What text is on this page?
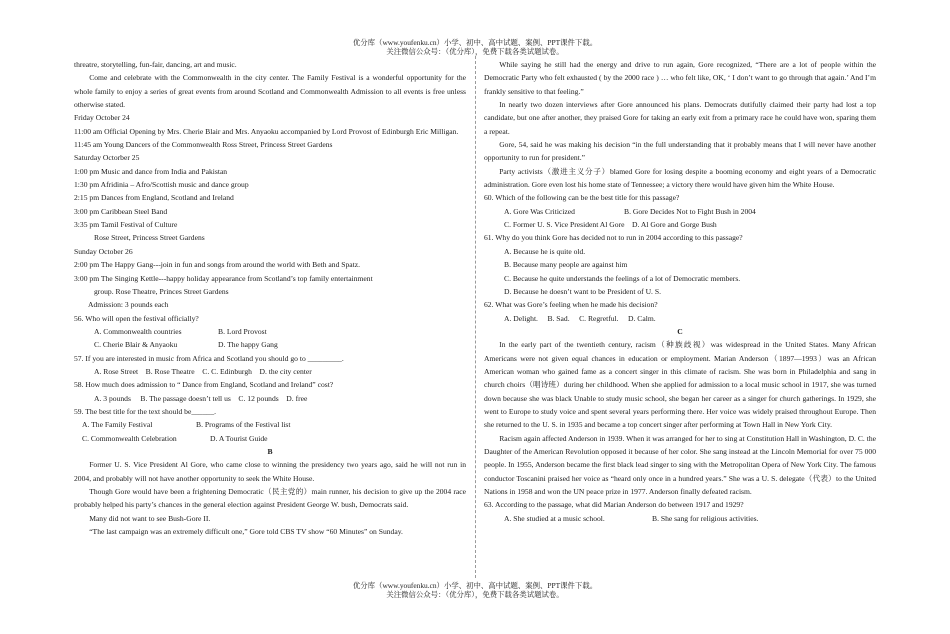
优分库（www.youfenku.cn）小学、初中、高中试题、案例、PPT课件下载。
关注微信公众号：（优分库），免费下载各类试题试卷。

threatre, storytelling, fun-fair, dancing, art and music.

Come and celebrate with the Commonwealth in the city center. The Family Festival is a wonderful opportunity for the whole family to enjoy a series of great events from around Scotland and Commonwealth Admission to all events is free unless otherwise stated.

Friday October 24

11:00 am Official Opening by Mrs. Cherie Blair and Mrs. Anyaoku accompanied by Lord Provost of Edinburgh Eric Milligan.

11:45 am Young Dancers of the Commonwealth Ross Street, Princess Street Gardens

Saturday Octorber 25

1:00 pm Music and dance from India and Pakistan

1:30 pm Afridinia – Afro/Scottish music and dance group

2:15 pm Dances from England, Scotland and Ireland

3:00 pm Caribbean Steel Band

3:35 pm Tamil Festival of Culture

Rose Street, Princess Street Gardens

Sunday October 26

2:00 pm The Happy Gang---join in fun and songs from around the world with Beth and Spatz.

3:00 pm The Singing Kettle---happy holiday appearance from Scotland’s top family entertainment

group. Rose Theatre, Princes Street Gardens

Admission: 3 pounds each

56. Who will open the festival officially?

A. Commonwealth countries	B. Lord Provost

C. Cherie Blair & Anyaoku	D. The happy Gang

57. If you are interested in music from Africa and Scotland you should go to _________.

A. Rose Street    B. Rose Theatre    C. C. Edinburgh    D. the city center

58. How much does admission to “ Dance from England, Scotland and Ireland” cost?

A. 3 pounds     B. The passage doesn’t tell us    C. 12 pounds    D. free

59. The best title for the text should be______.

A. The Family Festival	B. Programs of the Festival list

C. Commonwealth Celebration	D. A Tourist Guide

B

Former U. S. Vice President Al Gore, who came close to winning the presidency two years ago, said he will not run in 2004, and probably will not have another opportunity to seek the White House.

Though Gore would have been a frightening Democratic（民主党的）main runner, his decision to give up the 2004 race probably helped his party’s chances in the general election against President George W. bush, Democrats said.

Many did not want to see Bush-Gore II.

“The last campaign was an extremely difficult one,” Gore told CBS TV show “60 Minutes” on Sunday.

While saying he still had the energy and drive to run again, Gore recognized, “There are a lot of people within the Democratic Party who felt exhausted ( by the 2000 race ) … who felt like, OK, ‘ I don’t want to go through that again.’ And I’m frankly sensitive to that feeling.”

In nearly two dozen interviews after Gore announced his plans. Democrats dutifully claimed their party had lost a top candidate, but one after another, they praised Gore for taking an early exit from a primary race he could have won, sparing them a repeat.

Gore, 54, said he was making his decision “in the full understanding that it probably means that I will never have another opportunity to run for president.”

Party activists（激进主义分子）blamed Gore for losing despite a booming economy and eight years of a Democratic administration. Gore even lost his home state of Tennessee; a victory there would have given him the White House.

60. Which of the following can be the best title for this passage?

A. Gore Was Criticized	B. Gore Decides Not to Fight Bush in 2004

C. Former U. S. Vice President Al Gore    D. Al Gore and Gorge Bush

61. Why do you think Gore has decided not to run in 2004 according to this passage?

A. Because he is quite old.

B. Because many people are against him

C. Because he quite understands the feelings of a lot of Democratic members.

D. Because he doesn’t want to be President of U. S.

62. What was Gore’s feeling when he made his decision?

A. Delight.     B. Sad.     C. Regretful.     D. Calm.

C

In the early part of the twentieth century, racism（种族歧视）was widespread in the United States. Many African Americans were not given equal chances in education or employment. Marian Anderson（1897—1993）was an African American woman who gained fame as a concert singer in this climate of racism. She was born in Philadelphia and sang in church choirs（唱诗班）during her childhood. When she applied for admission to a local music school in 1917, she was turned down because she was black Unable to study music school, she began her career as a singer for church gatherings. In 1929, she went to Europe to study voice and spent several years performing there. Her voice was widely praised throughout Europe. Then she returned to the U. S. in 1935 and became a top concert singer after performing at Town Hall in New York City.

Racism again affected Anderson in 1939. When it was arranged for her to sing at Constitution Hall in Washington, D. C. the Daughter of the American Revolution opposed it because of her color. She sang instead at the Lincoln Memorial for over 75 000 people. In 1955, Anderson became the first black lead singer to sing with the Metropolitan Opera of New York City. The famous conductor Toscanini praised her voice as “heard only once in a hundred years.” She was a U. S. delegate（代表）to the United Nations in 1958 and won the UN peace prize in 1977. Anderson finally defeated racism.

63. According to the passage, what did Marian Anderson do between 1917 and 1929?

A. She studied at a music school.	B. She sang for religious activities.

优分库（www.youfenku.cn）小学、初中、高中试题、案例、PPT课件下载。
关注微信公众号：（优分库），免费下载各类试题试卷。
